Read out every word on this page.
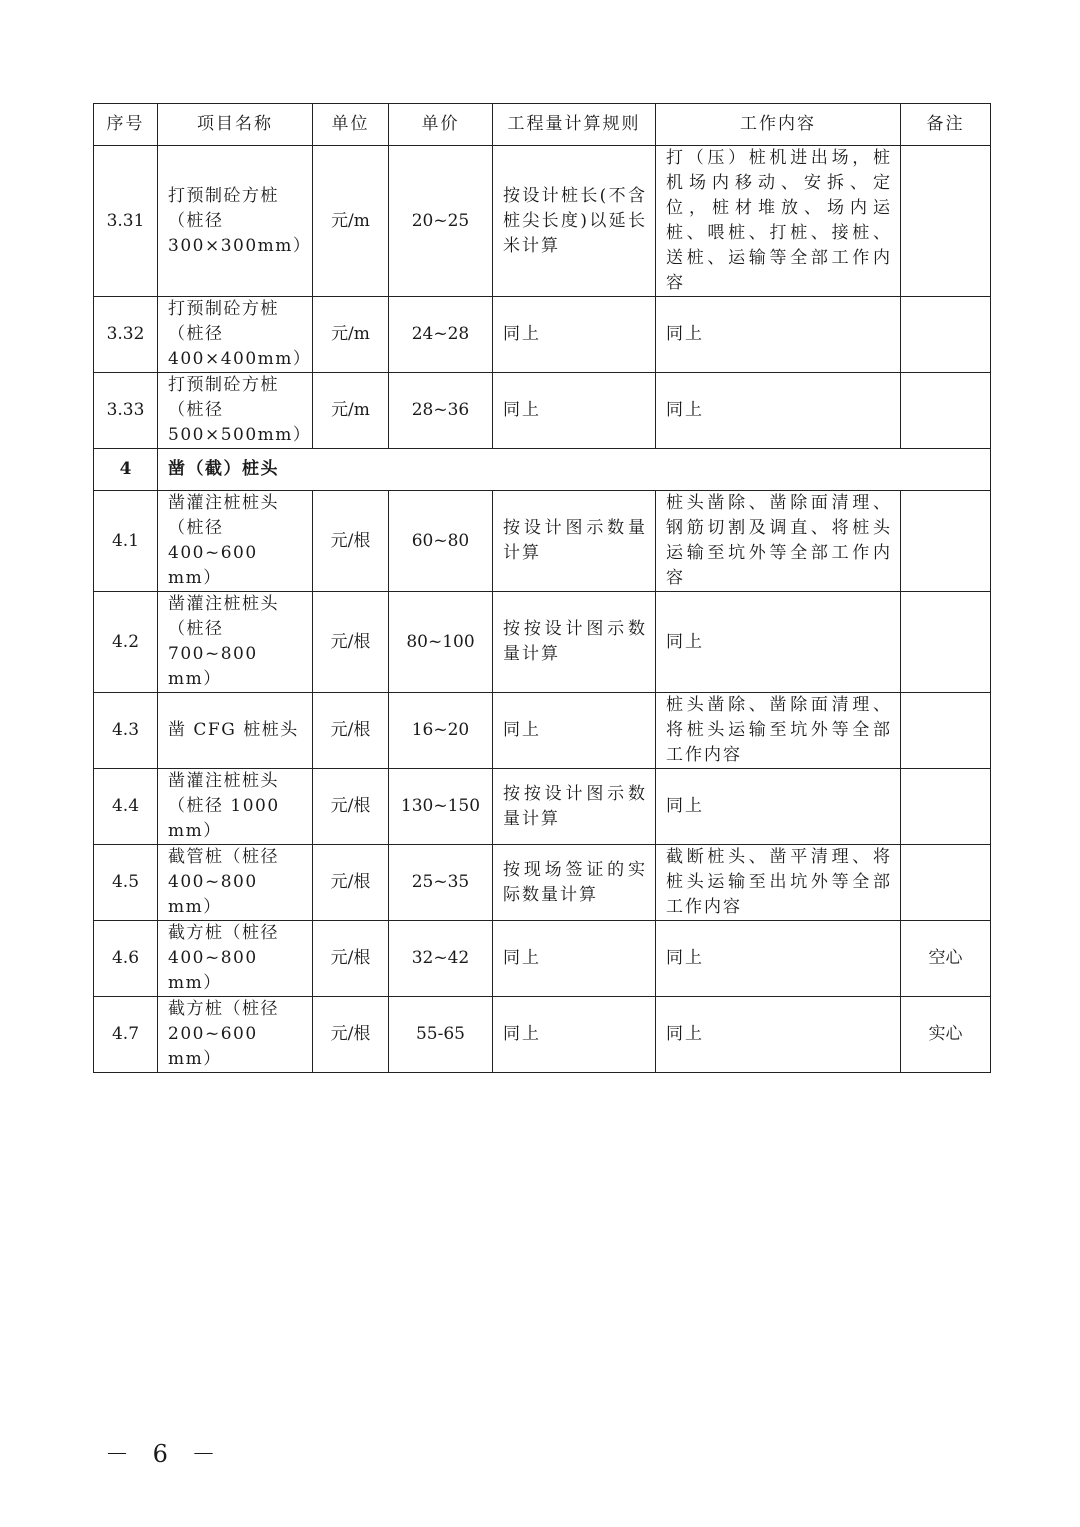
序号	项目名称	单位	单价	工程量计算规则	工作内容	备注
3.31	打预制砼方桩（桩径 300×300mm）	元/m	20~25	按设计桩长(不含桩尖长度)以延长米计算	打（压）桩机进出场，桩机场内移动、安拆、定位，桩材堆放、场内运桩、喂桩、打桩、接桩、送桩、运输等全部工作内容	
3.32	打预制砼方桩（桩径 400×400mm）	元/m	24~28	同上	同上	
3.33	打预制砼方桩（桩径 500×500mm）	元/m	28~36	同上	同上	
4	凿（截）桩头					
4.1	凿灌注桩桩头（桩径 400~600 mm）	元/根	60~80	按设计图示数量计算	桩头凿除、凿除面清理、钢筋切割及调直、将桩头运输至坑外等全部工作内容	
4.2	凿灌注桩桩头（桩径 700~800 mm）	元/根	80~100	按按设计图示数量计算	同上	
4.3	凿 CFG 桩桩头	元/根	16~20	同上	桩头凿除、凿除面清理、将桩头运输至坑外等全部工作内容	
4.4	凿灌注桩桩头（桩径 1000 mm）	元/根	130~150	按按设计图示数量计算	同上	
4.5	截管桩（桩径 400~800 mm）	元/根	25~35	按现场签证的实际数量计算	截断桩头、凿平清理、将桩头运输至出坑外等全部工作内容	
4.6	截方桩（桩径 400~800 mm）	元/根	32~42	同上	同上	空心
4.7	截方桩（桩径 200~600 mm）	元/根	55-65	同上	同上	实心
－ 6 －
